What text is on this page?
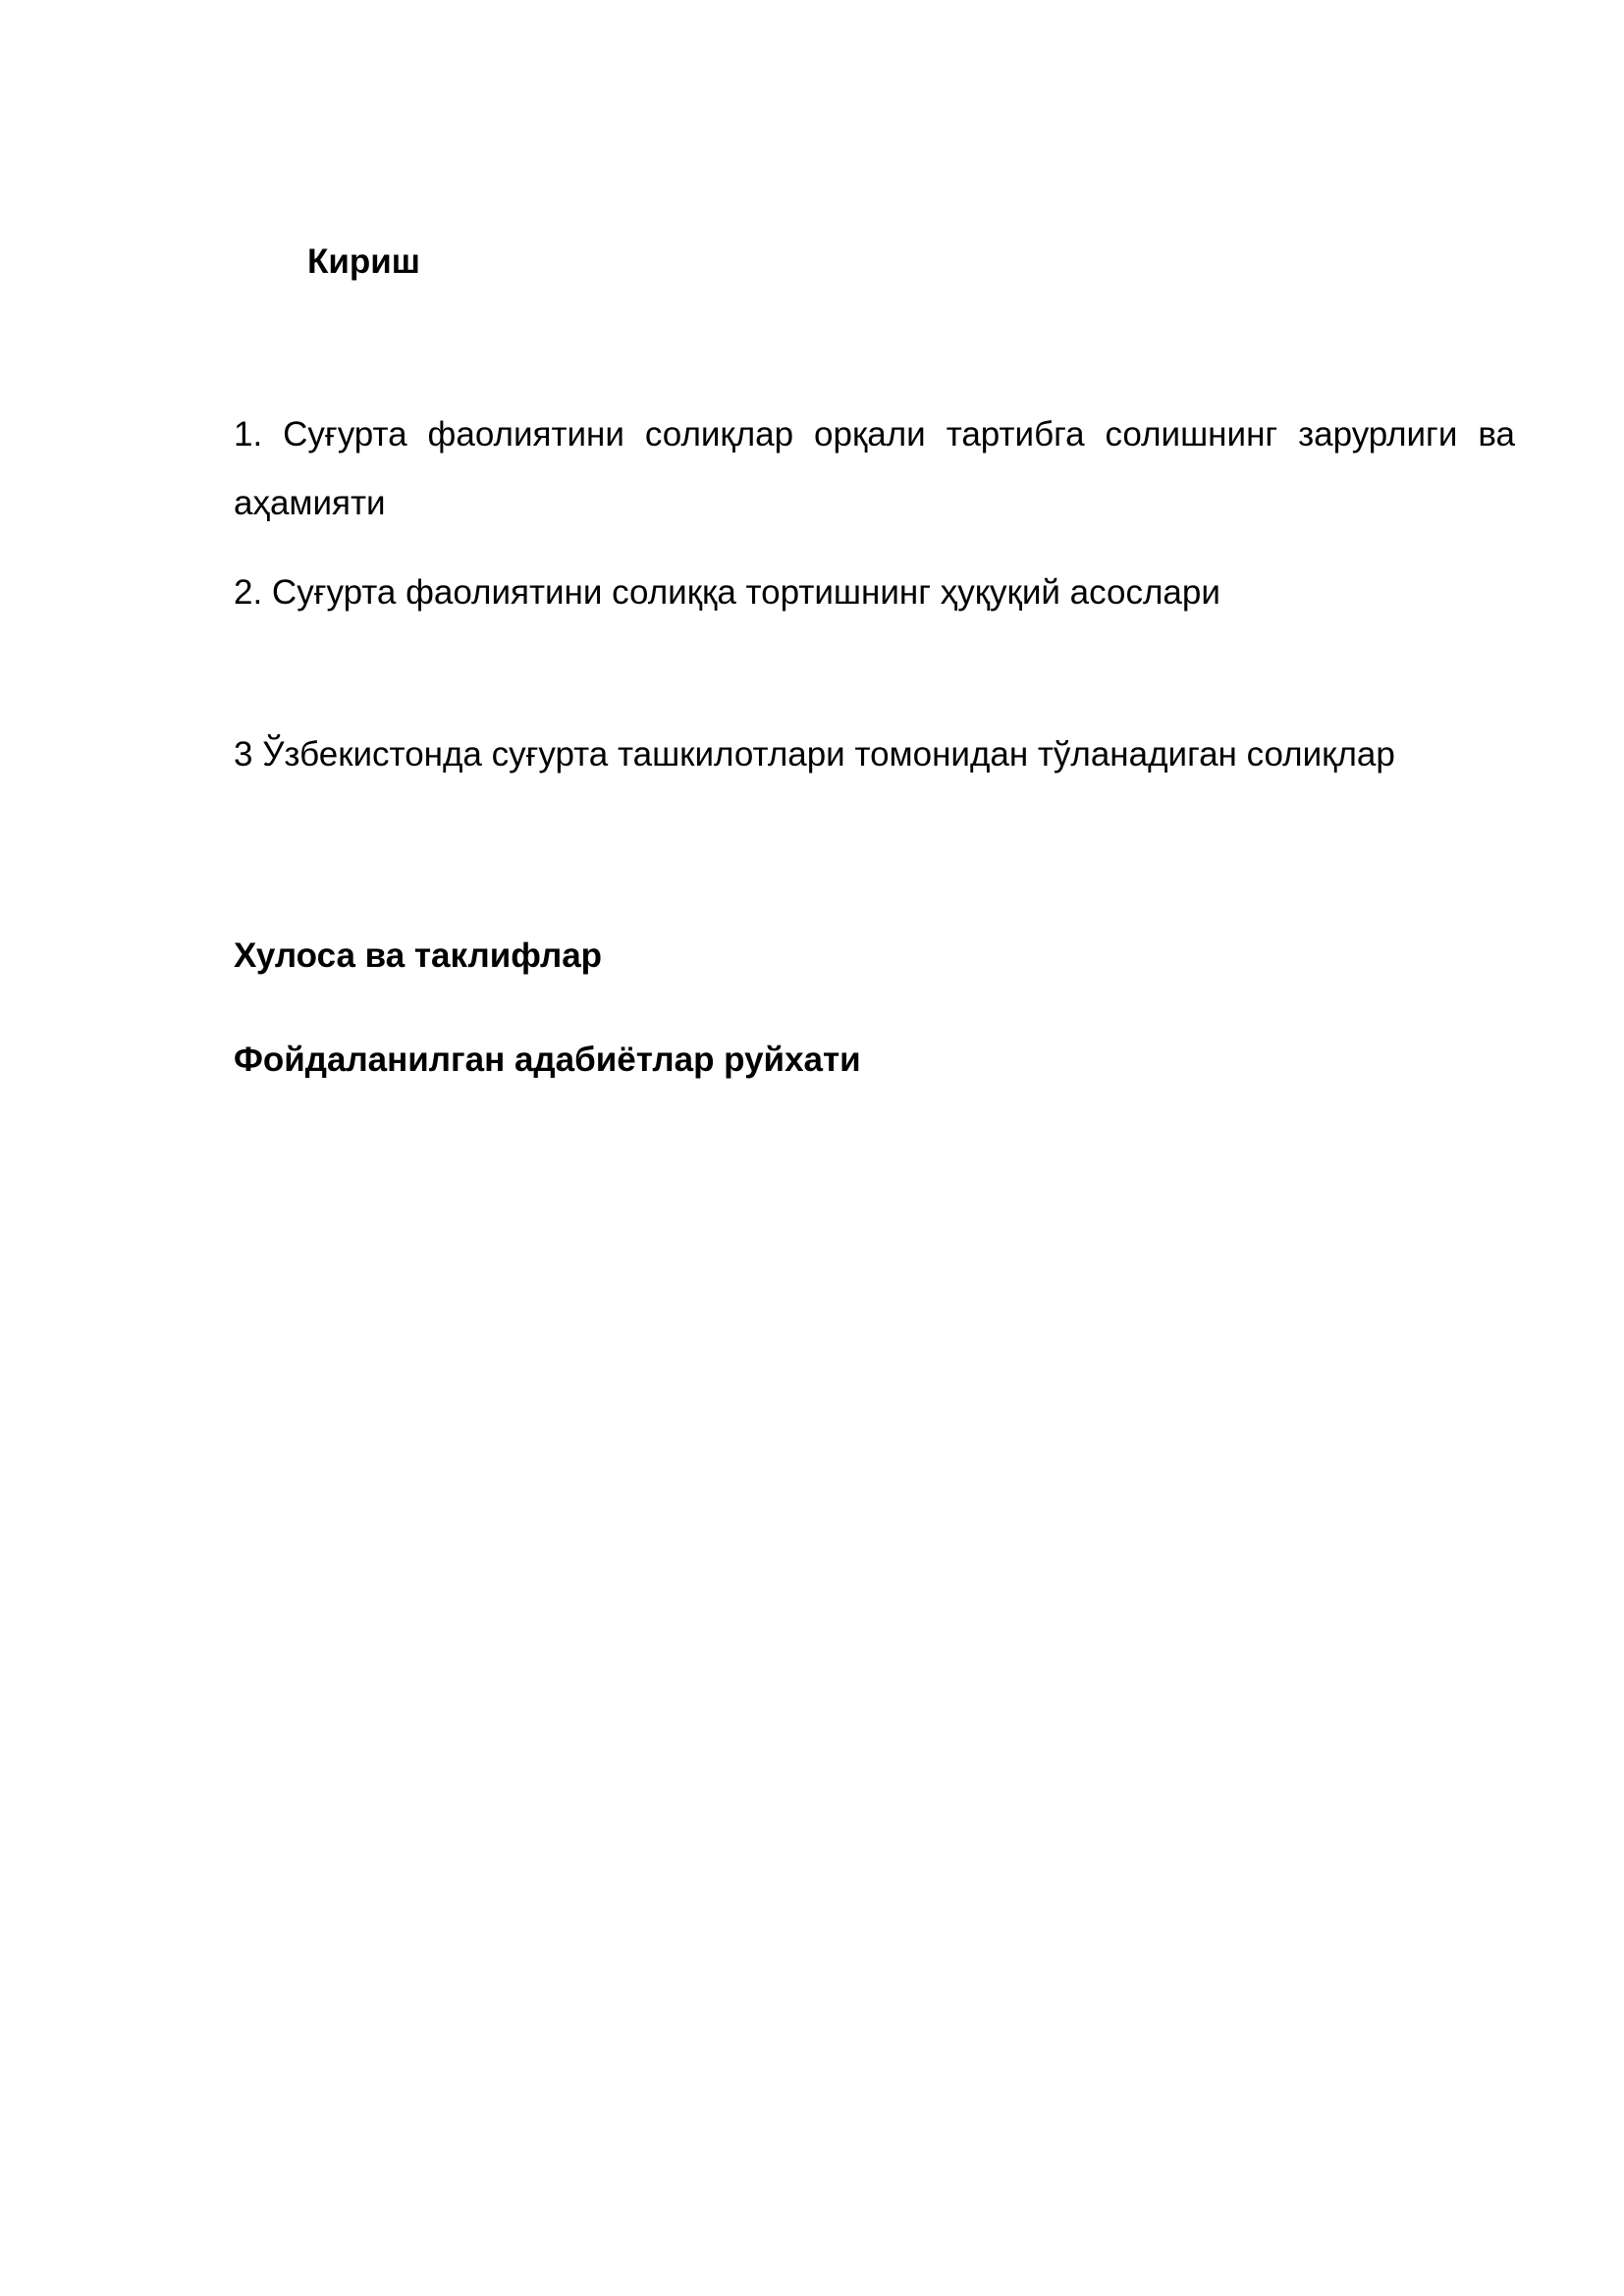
Кириш

1. Суғурта фаолиятини солиқлар орқали тартибга солишнинг зарурлиги ва аҳамияти

2. Суғурта фаолиятини солиққа тортишнинг ҳуқуқий асослари

3 Ўзбекистонда суғурта ташкилотлари томонидан тўланадиган солиқлар

Хулоса ва таклифлар

Фойдаланилган адабиётлар руйхати
